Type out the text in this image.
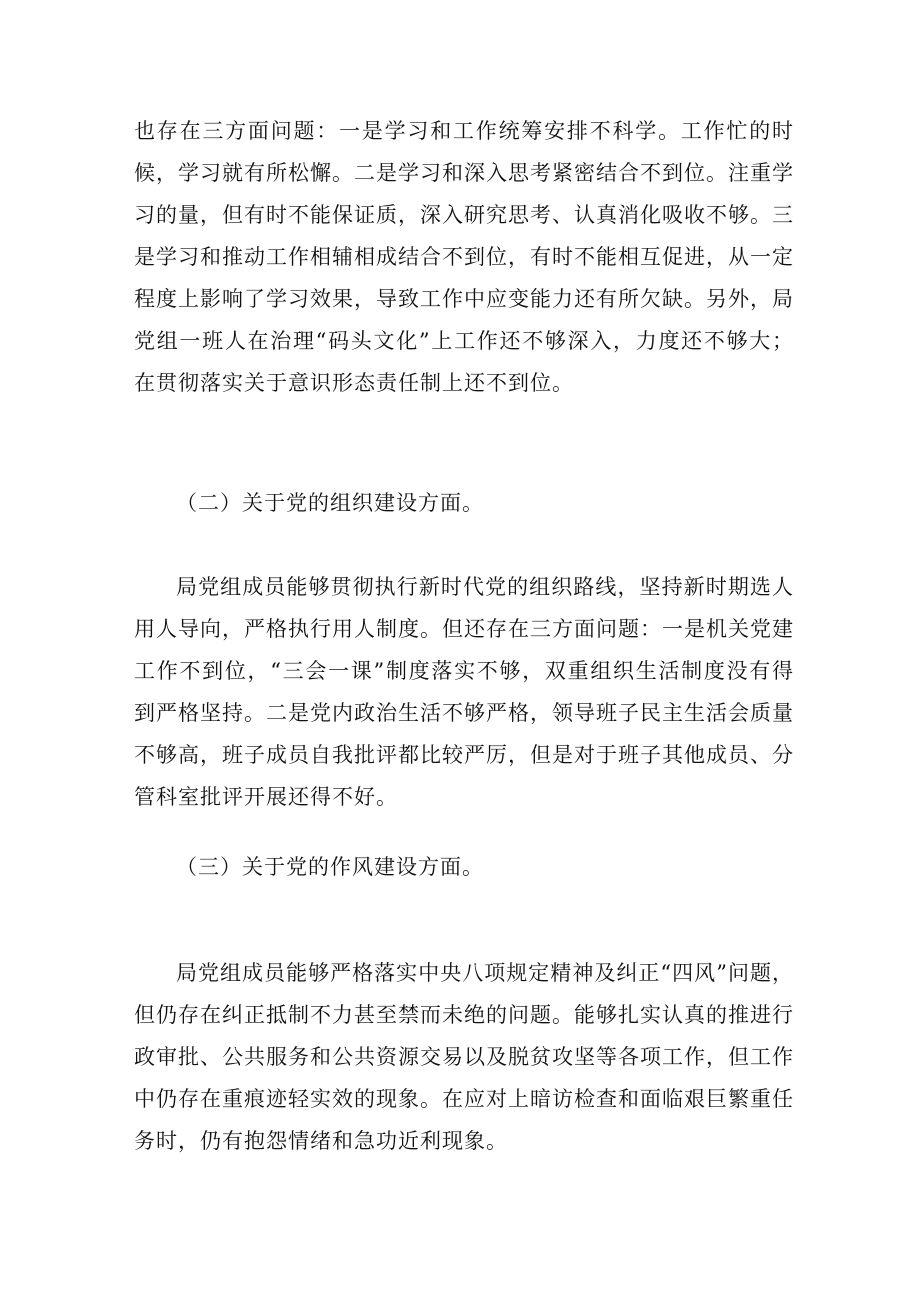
也存在三方面问题：一是学习和工作统筹安排不科学。工作忙的时候，学习就有所松懈。二是学习和深入思考紧密结合不到位。注重学习的量，但有时不能保证质，深入研究思考、认真消化吸收不够。三是学习和推动工作相辅相成结合不到位，有时不能相互促进，从一定程度上影响了学习效果，导致工作中应变能力还有所欠缺。另外，局党组一班人在治理“码头文化”上工作还不够深入，力度还不够大；在贯彻落实关于意识形态责任制上还不到位。

（二）关于党的组织建设方面。

局党组成员能够贯彻执行新时代党的组织路线，坚持新时期选人用人导向，严格执行用人制度。但还存在三方面问题：一是机关党建工作不到位，“三会一课”制度落实不够，双重组织生活制度没有得到严格坚持。二是党内政治生活不够严格，领导班子民主生活会质量不够高，班子成员自我批评都比较严厉，但是对于班子其他成员、分管科室批评开展还得不好。

（三）关于党的作风建设方面。

局党组成员能够严格落实中央八项规定精神及纠正“四风”问题，但仍存在纠正抵制不力甚至禁而未绝的问题。能够扎实认真的推进行政审批、公共服务和公共资源交易以及脱贫攻坚等各项工作，但工作中仍存在重痕迹轻实效的现象。在应对上暗访检查和面临艰巨繁重任务时，仍有抱怨情绪和急功近利现象。
